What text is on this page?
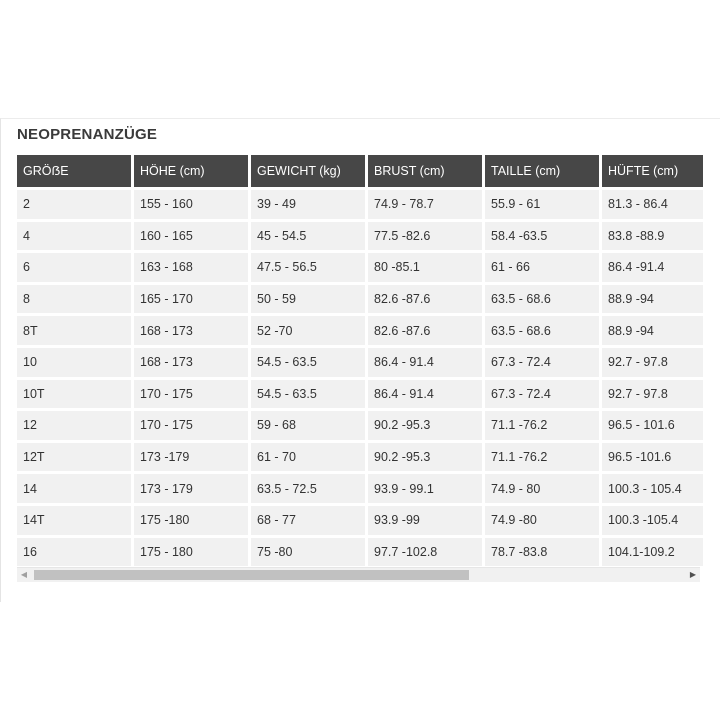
NEOPRENANZÜGE
GRÖẞE	HÖHE (cm)	GEWICHT (kg)	BRUST (cm)	TAILLE (cm)	HÜFTE (cm)
2	155 - 160	39 - 49	74.9 - 78.7	55.9 - 61	81.3 - 86.4
4	160 - 165	45 - 54.5	77.5 -82.6	58.4 -63.5	83.8 -88.9
6	163 - 168	47.5 - 56.5	80 -85.1	61 - 66	86.4 -91.4
8	165 - 170	50 - 59	82.6 -87.6	63.5 - 68.6	88.9 -94
8T	168 - 173	52 -70	82.6 -87.6	63.5 - 68.6	88.9 -94
10	168 - 173	54.5 - 63.5	86.4 - 91.4	67.3 - 72.4	92.7 - 97.8
10T	170 - 175	54.5 - 63.5	86.4 - 91.4	67.3 - 72.4	92.7 - 97.8
12	170 - 175	59 - 68	90.2 -95.3	71.1 -76.2	96.5 - 101.6
12T	173 -179	61 - 70	90.2 -95.3	71.1 -76.2	96.5 -101.6
14	173 - 179	63.5 - 72.5	93.9 - 99.1	74.9 - 80	100.3 - 105.4
14T	175 -180	68 - 77	93.9 -99	74.9 -80	100.3 -105.4
16	175 - 180	75 -80	97.7 -102.8	78.7 -83.8	104.1-109.2
◀	▶
